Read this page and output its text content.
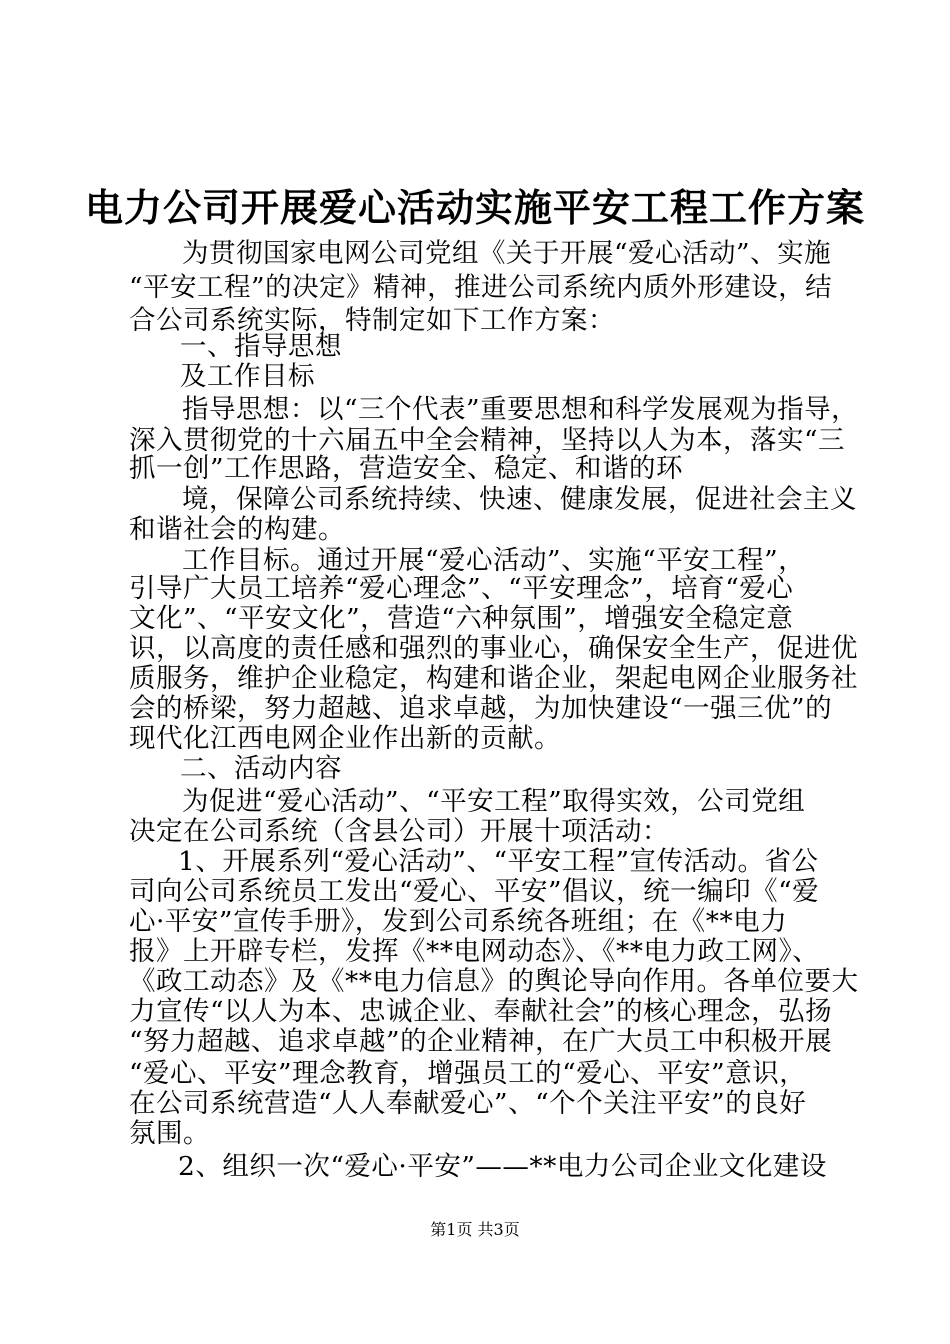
电力公司开展爱心活动实施平安工程工作方案
为贯彻国家电网公司党组《关于开展“爱心活动”、实施
“平安工程”的决定》精神，推进公司系统内质外形建设，结
合公司系统实际，特制定如下工作方案：
一、指导思想
及工作目标
指导思想：以“三个代表”重要思想和科学发展观为指导，
深入贯彻党的十六届五中全会精神，坚持以人为本，落实“三
抓一创”工作思路，营造安全、稳定、和谐的环
境，保障公司系统持续、快速、健康发展，促进社会主义
和谐社会的构建。
工作目标。通过开展“爱心活动”、实施“平安工程”，
引导广大员工培养“爱心理念”、“平安理念”，培育“爱心
文化”、“平安文化”，营造“六种氛围”，增强安全稳定意
识，以高度的责任感和强烈的事业心，确保安全生产，促进优
质服务，维护企业稳定，构建和谐企业，架起电网企业服务社
会的桥梁，努力超越、追求卓越，为加快建设“一强三优”的
现代化江西电网企业作出新的贡献。
二、活动内容
为促进“爱心活动”、“平安工程”取得实效，公司党组
决定在公司系统（含县公司）开展十项活动：
1、开展系列“爱心活动”、“平安工程”宣传活动。省公
司向公司系统员工发出“爱心、平安”倡议，统一编印《“爱
心·平安”宣传手册》，发到公司系统各班组；在《**电力
报》上开辟专栏，发挥《**电网动态》、《**电力政工网》、
《政工动态》及《**电力信息》的舆论导向作用。各单位要大
力宣传“以人为本、忠诚企业、奉献社会”的核心理念，弘扬
“努力超越、追求卓越”的企业精神，在广大员工中积极开展
“爱心、平安”理念教育，增强员工的“爱心、平安”意识，
在公司系统营造“人人奉献爱心”、“个个关注平安”的良好
氛围。
2、组织一次“爱心·平安”——**电力公司企业文化建设
第1页 共3页
